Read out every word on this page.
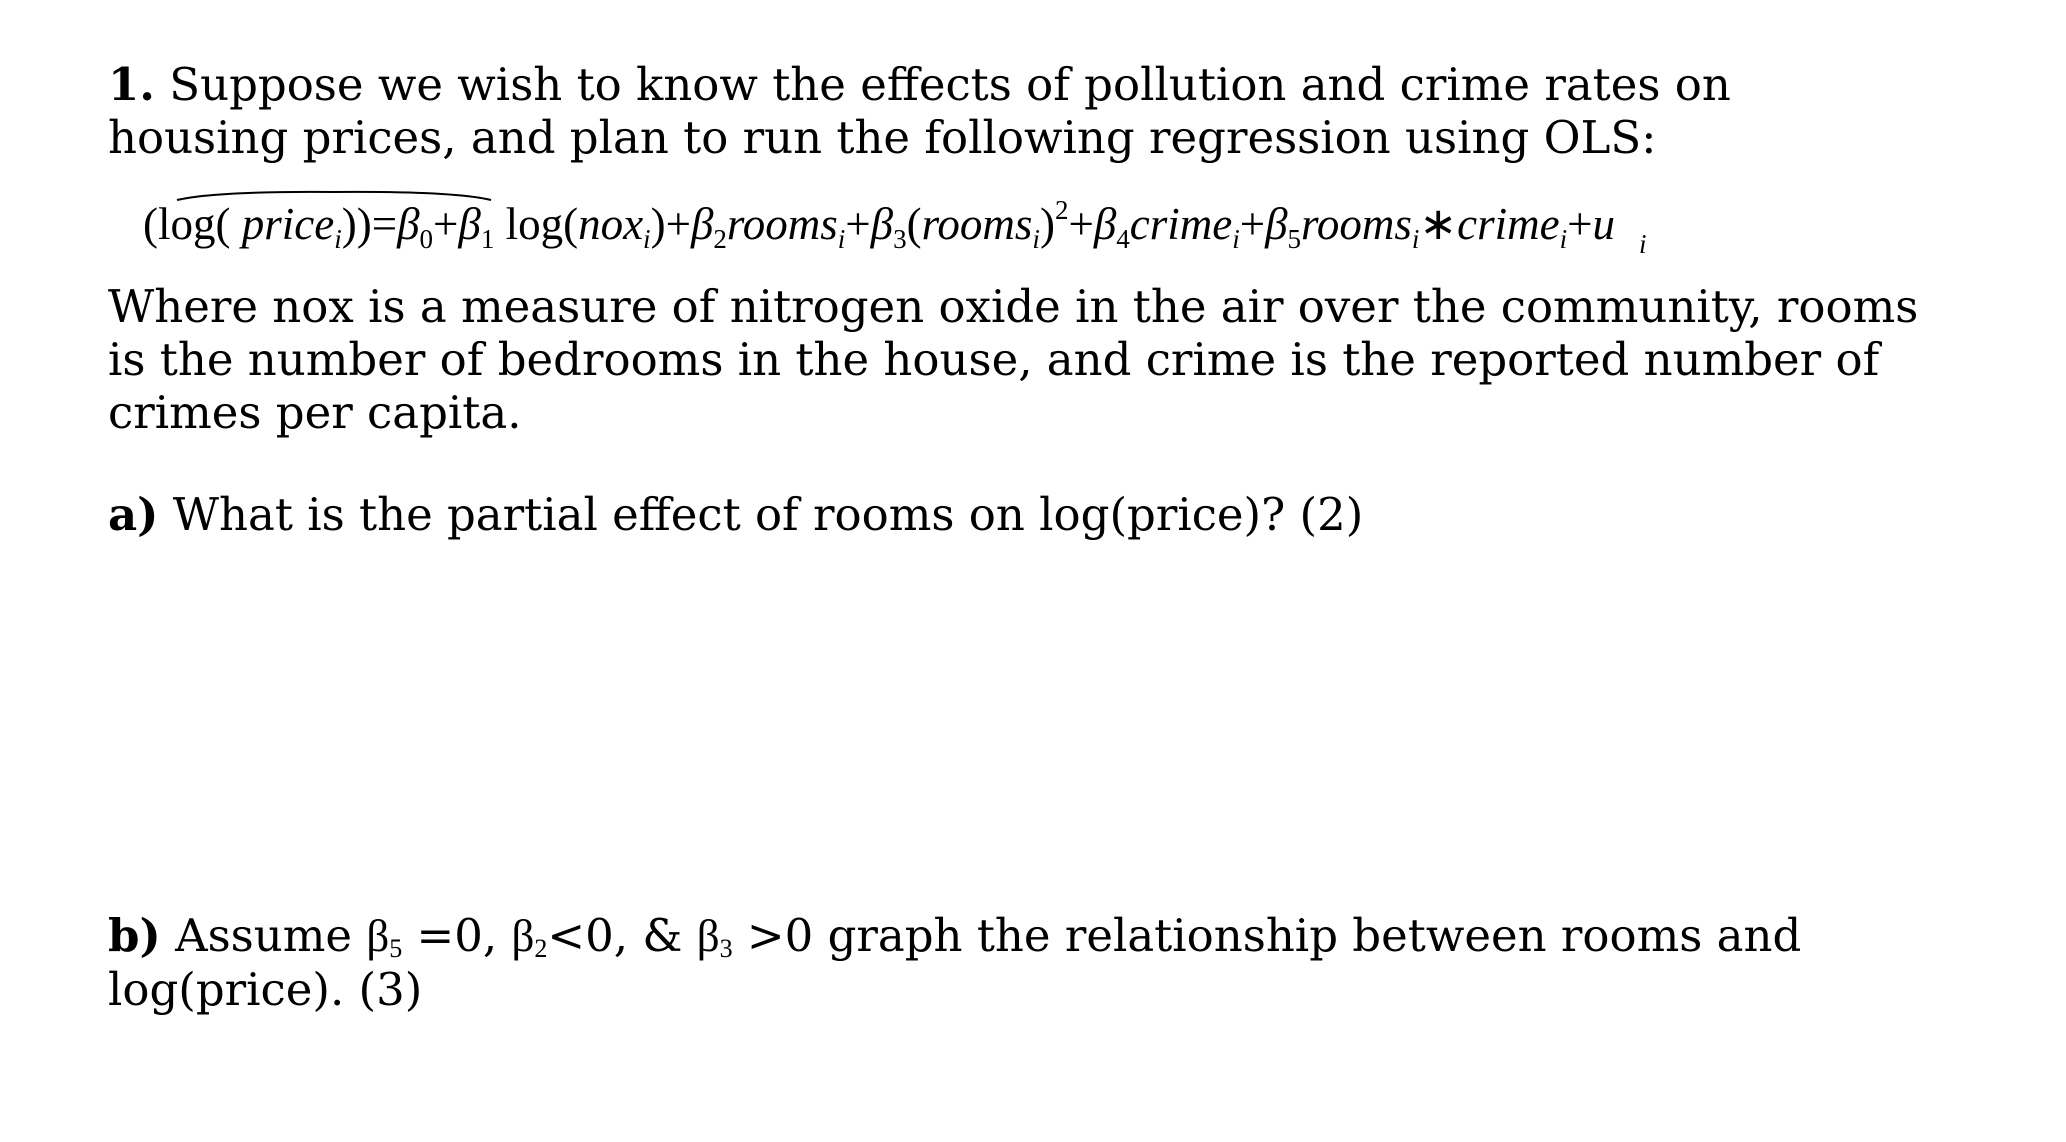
1. Suppose we wish to know the effects of pollution and crime rates on
housing prices, and plan to run the following regression using OLS:
(log( $price_i))=\beta_0+\beta_1$ $\log(nox_i)+\beta_2rooms_i+\beta_3(rooms_i)^2+\beta_4crime_i+\beta_5rooms_i∗crime_i+u$ i
Where nox is a measure of nitrogen oxide in the air over the community, rooms
is the number of bedrooms in the house, and crime is the reported number of
crimes per capita.
a) What is the partial effect of rooms on log(price)? (2)
b) Assume $\beta_5 =0$, $\beta_2<0$, & $\beta_3 >0$ graph the relationship between rooms and
log(price). (3)
